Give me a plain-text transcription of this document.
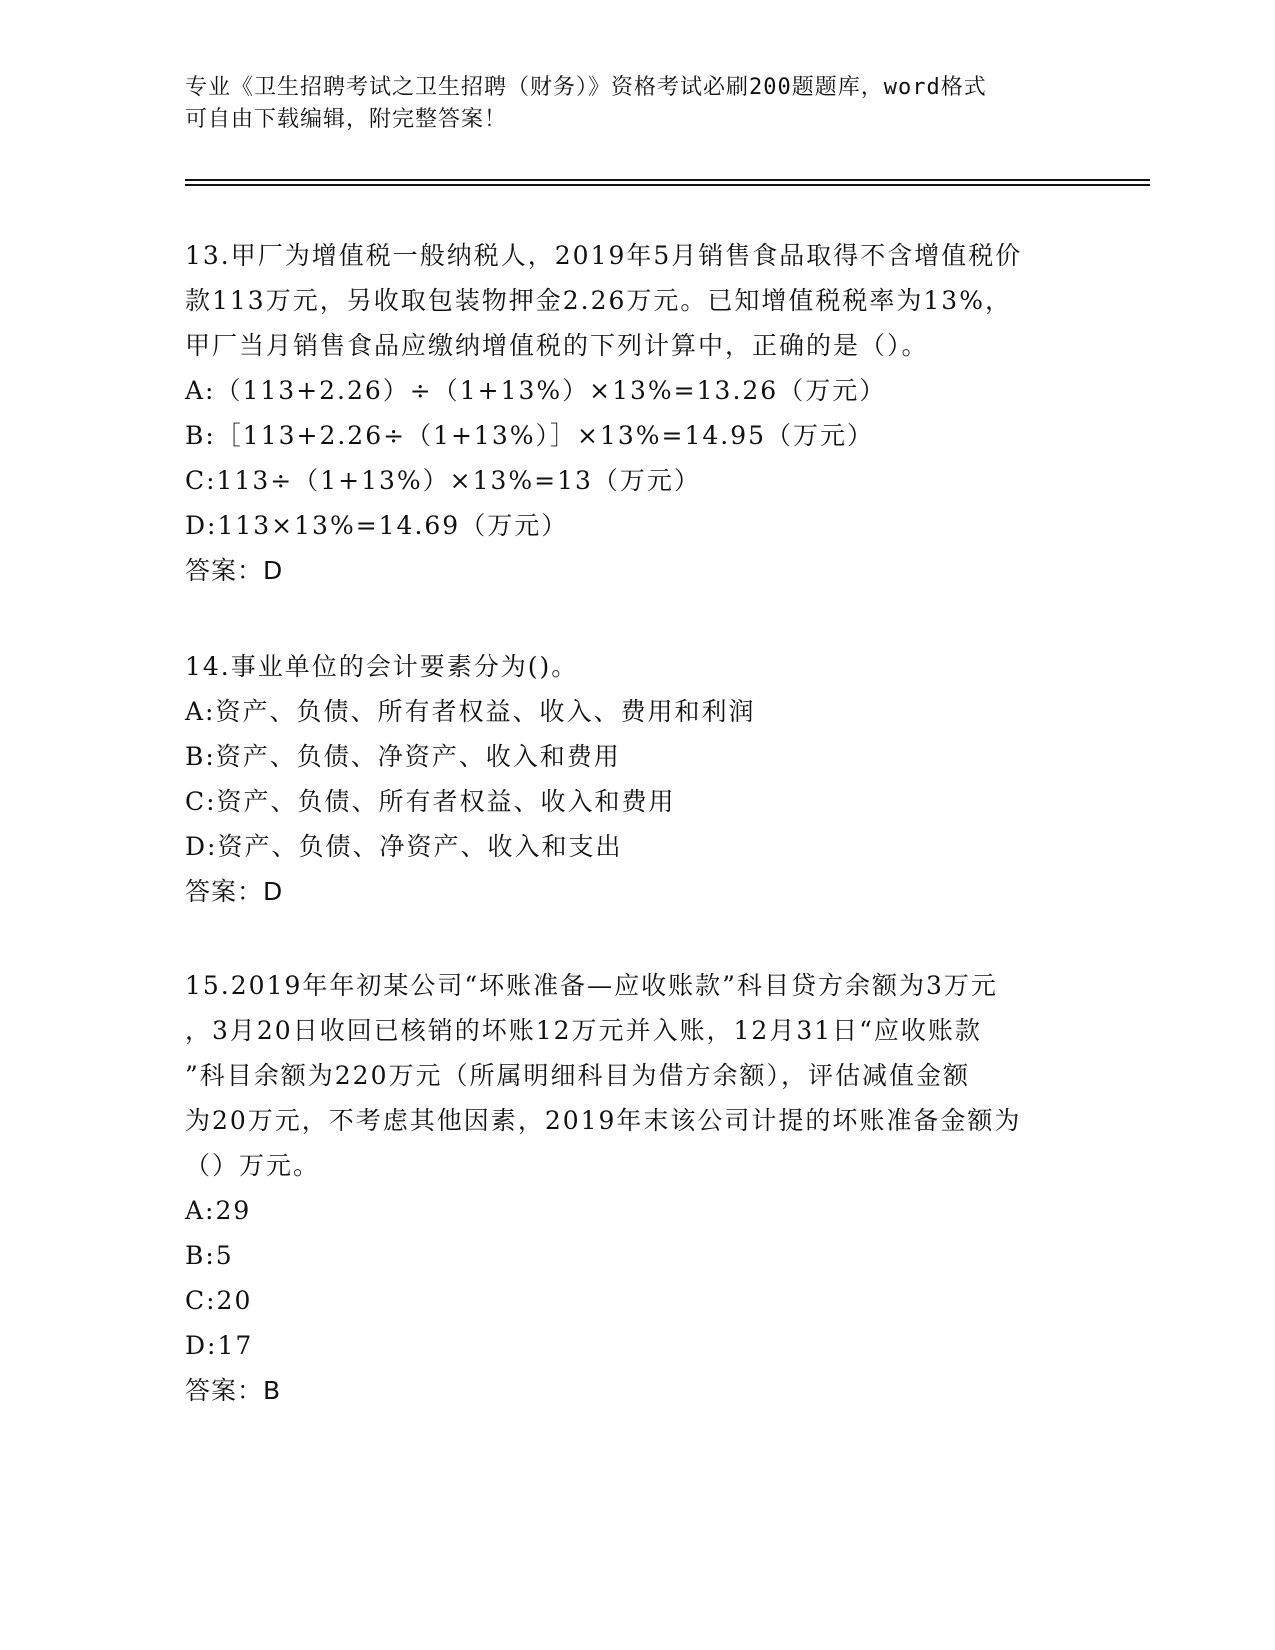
专业《卫生招聘考试之卫生招聘（财务）》资格考试必刷200题题库，word格式
可自由下载编辑，附完整答案！
13.甲厂为增值税一般纳税人，2019年5月销售食品取得不含增值税价
款113万元，另收取包装物押金2.26万元。已知增值税税率为13%，
甲厂当月销售食品应缴纳增值税的下列计算中，正确的是（）。
A:（113+2.26）÷（1+13%）×13%=13.26（万元）
B:［113+2.26÷（1+13%）］×13%=14.95（万元）
C:113÷（1+13%）×13%=13（万元）
D:113×13%=14.69（万元）
答案：D
14.事业单位的会计要素分为()。
A:资产、负债、所有者权益、收入、费用和利润
B:资产、负债、净资产、收入和费用
C:资产、负债、所有者权益、收入和费用
D:资产、负债、净资产、收入和支出
答案：D
15.2019年年初某公司“坏账准备—应收账款”科目贷方余额为3万元
，3月20日收回已核销的坏账12万元并入账，12月31日“应收账款
”科目余额为220万元（所属明细科目为借方余额），评估减值金额
为20万元，不考虑其他因素，2019年末该公司计提的坏账准备金额为
（）万元。
A:29
B:5
C:20
D:17
答案：B
